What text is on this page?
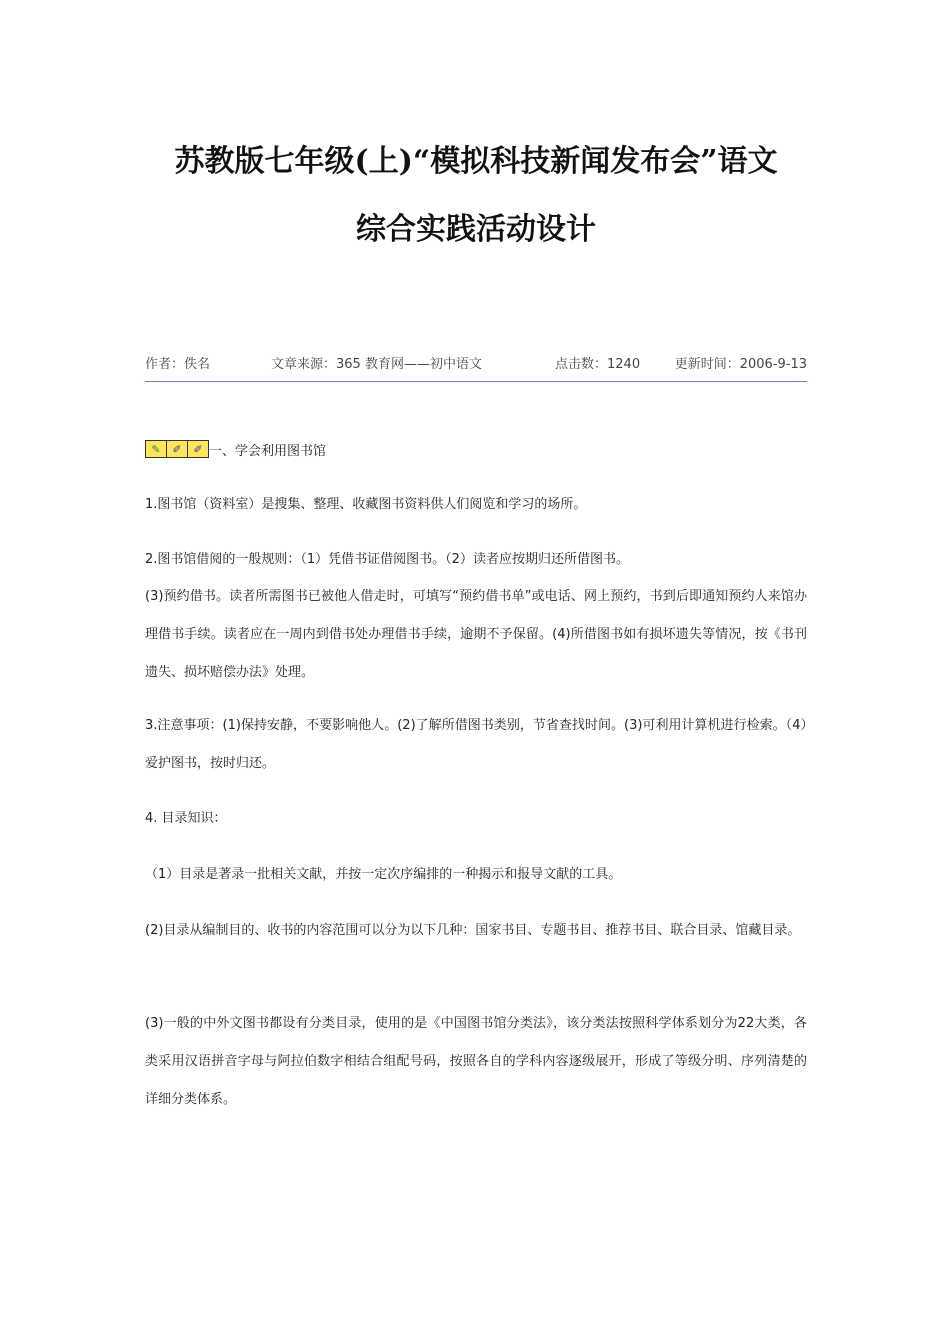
苏教版七年级(上)“模拟科技新闻发布会”语文
综合实践活动设计
作者：佚名	文章来源：365 教育网——初中语文	点击数：1240	更新时间：2006-9-13
✎	✐	✐ 一、学会利用图书馆
1.图书馆（资料室）是搜集、整理、收藏图书资料供人们阅览和学习的场所。
2.图书馆借阅的一般规则：（1）凭借书证借阅图书。（2）读者应按期归还所借图书。
(3)预约借书。读者所需图书已被他人借走时，可填写“预约借书单”或电话、网上预约，书到后即通知预约人来馆办理借书手续。读者应在一周内到借书处办理借书手续，逾期不予保留。(4)所借图书如有损坏遗失等情况，按《书刊遗失、损坏赔偿办法》处理。
3.注意事项：(1)保持安静，不要影响他人。(2)了解所借图书类别，节省查找时间。(3)可利用计算机进行检索。（4）爱护图书，按时归还。
4. 目录知识：
（1）目录是著录一批相关文献，并按一定次序编排的一种揭示和报导文献的工具。
(2)目录从编制目的、收书的内容范围可以分为以下几种：国家书目、专题书目、推荐书目、联合目录、馆藏目录。
(3)一般的中外文图书都设有分类目录，使用的是《中国图书馆分类法》，该分类法按照科学体系划分为22大类，各类采用汉语拼音字母与阿拉伯数字相结合组配号码，按照各自的学科内容逐级展开，形成了等级分明、序列清楚的详细分类体系。
